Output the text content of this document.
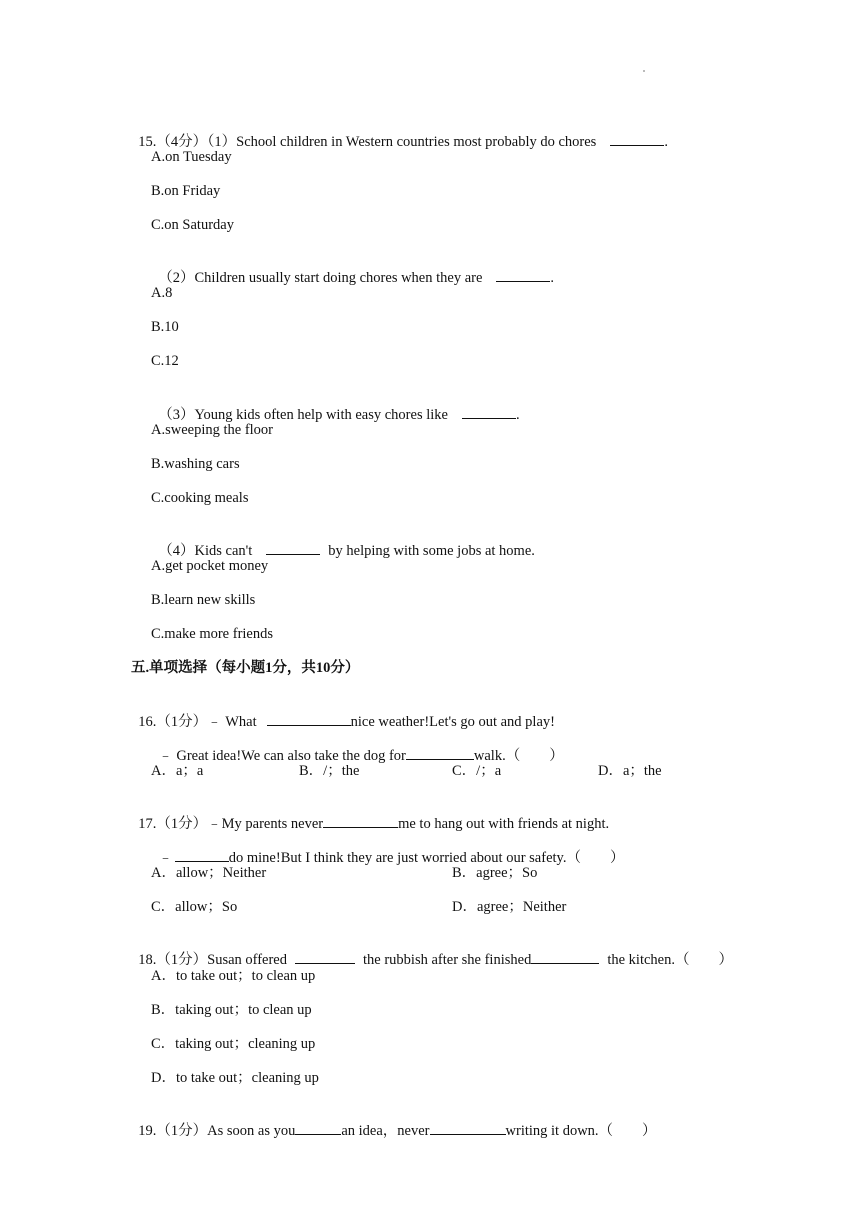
15.（4分）（1）School children in Western countries most probably do chores	.

A.on Tuesday
B.on Friday
C.on Saturday

（2）Children usually start doing chores when they are	.

A.8
B.10
C.12

（3）Young kids often help with easy chores like	.

A.sweeping the floor
B.washing cars
C.cooking meals

（4）Kids can't	by helping with some jobs at home.

A.get pocket money
B.learn new skills
C.make more friends
五.单项选择（每小题1分，共10分）

16.（1分）﹣ What	nice weather!Let's go out and play!

﹣ Great idea!We can also take the dog for	walk.（　　）

A．a；a	B．/；the	C．/；a	D．a；the

17.（1分）﹣My parents never	me to hang out with friends at night.

﹣	do mine!But I think they are just worried about our safety.（　　）

A．allow；Neither	B．agree；So
C．allow；So	D．agree；Neither

18.（1分）Susan offered	the rubbish after she finished	the kitchen.（　　）

A．to take out；to clean up
B．taking out；to clean up
C．taking out；cleaning up
D．to take out；cleaning up

19.（1分）As soon as you	an idea，never	writing it down.（　　）
